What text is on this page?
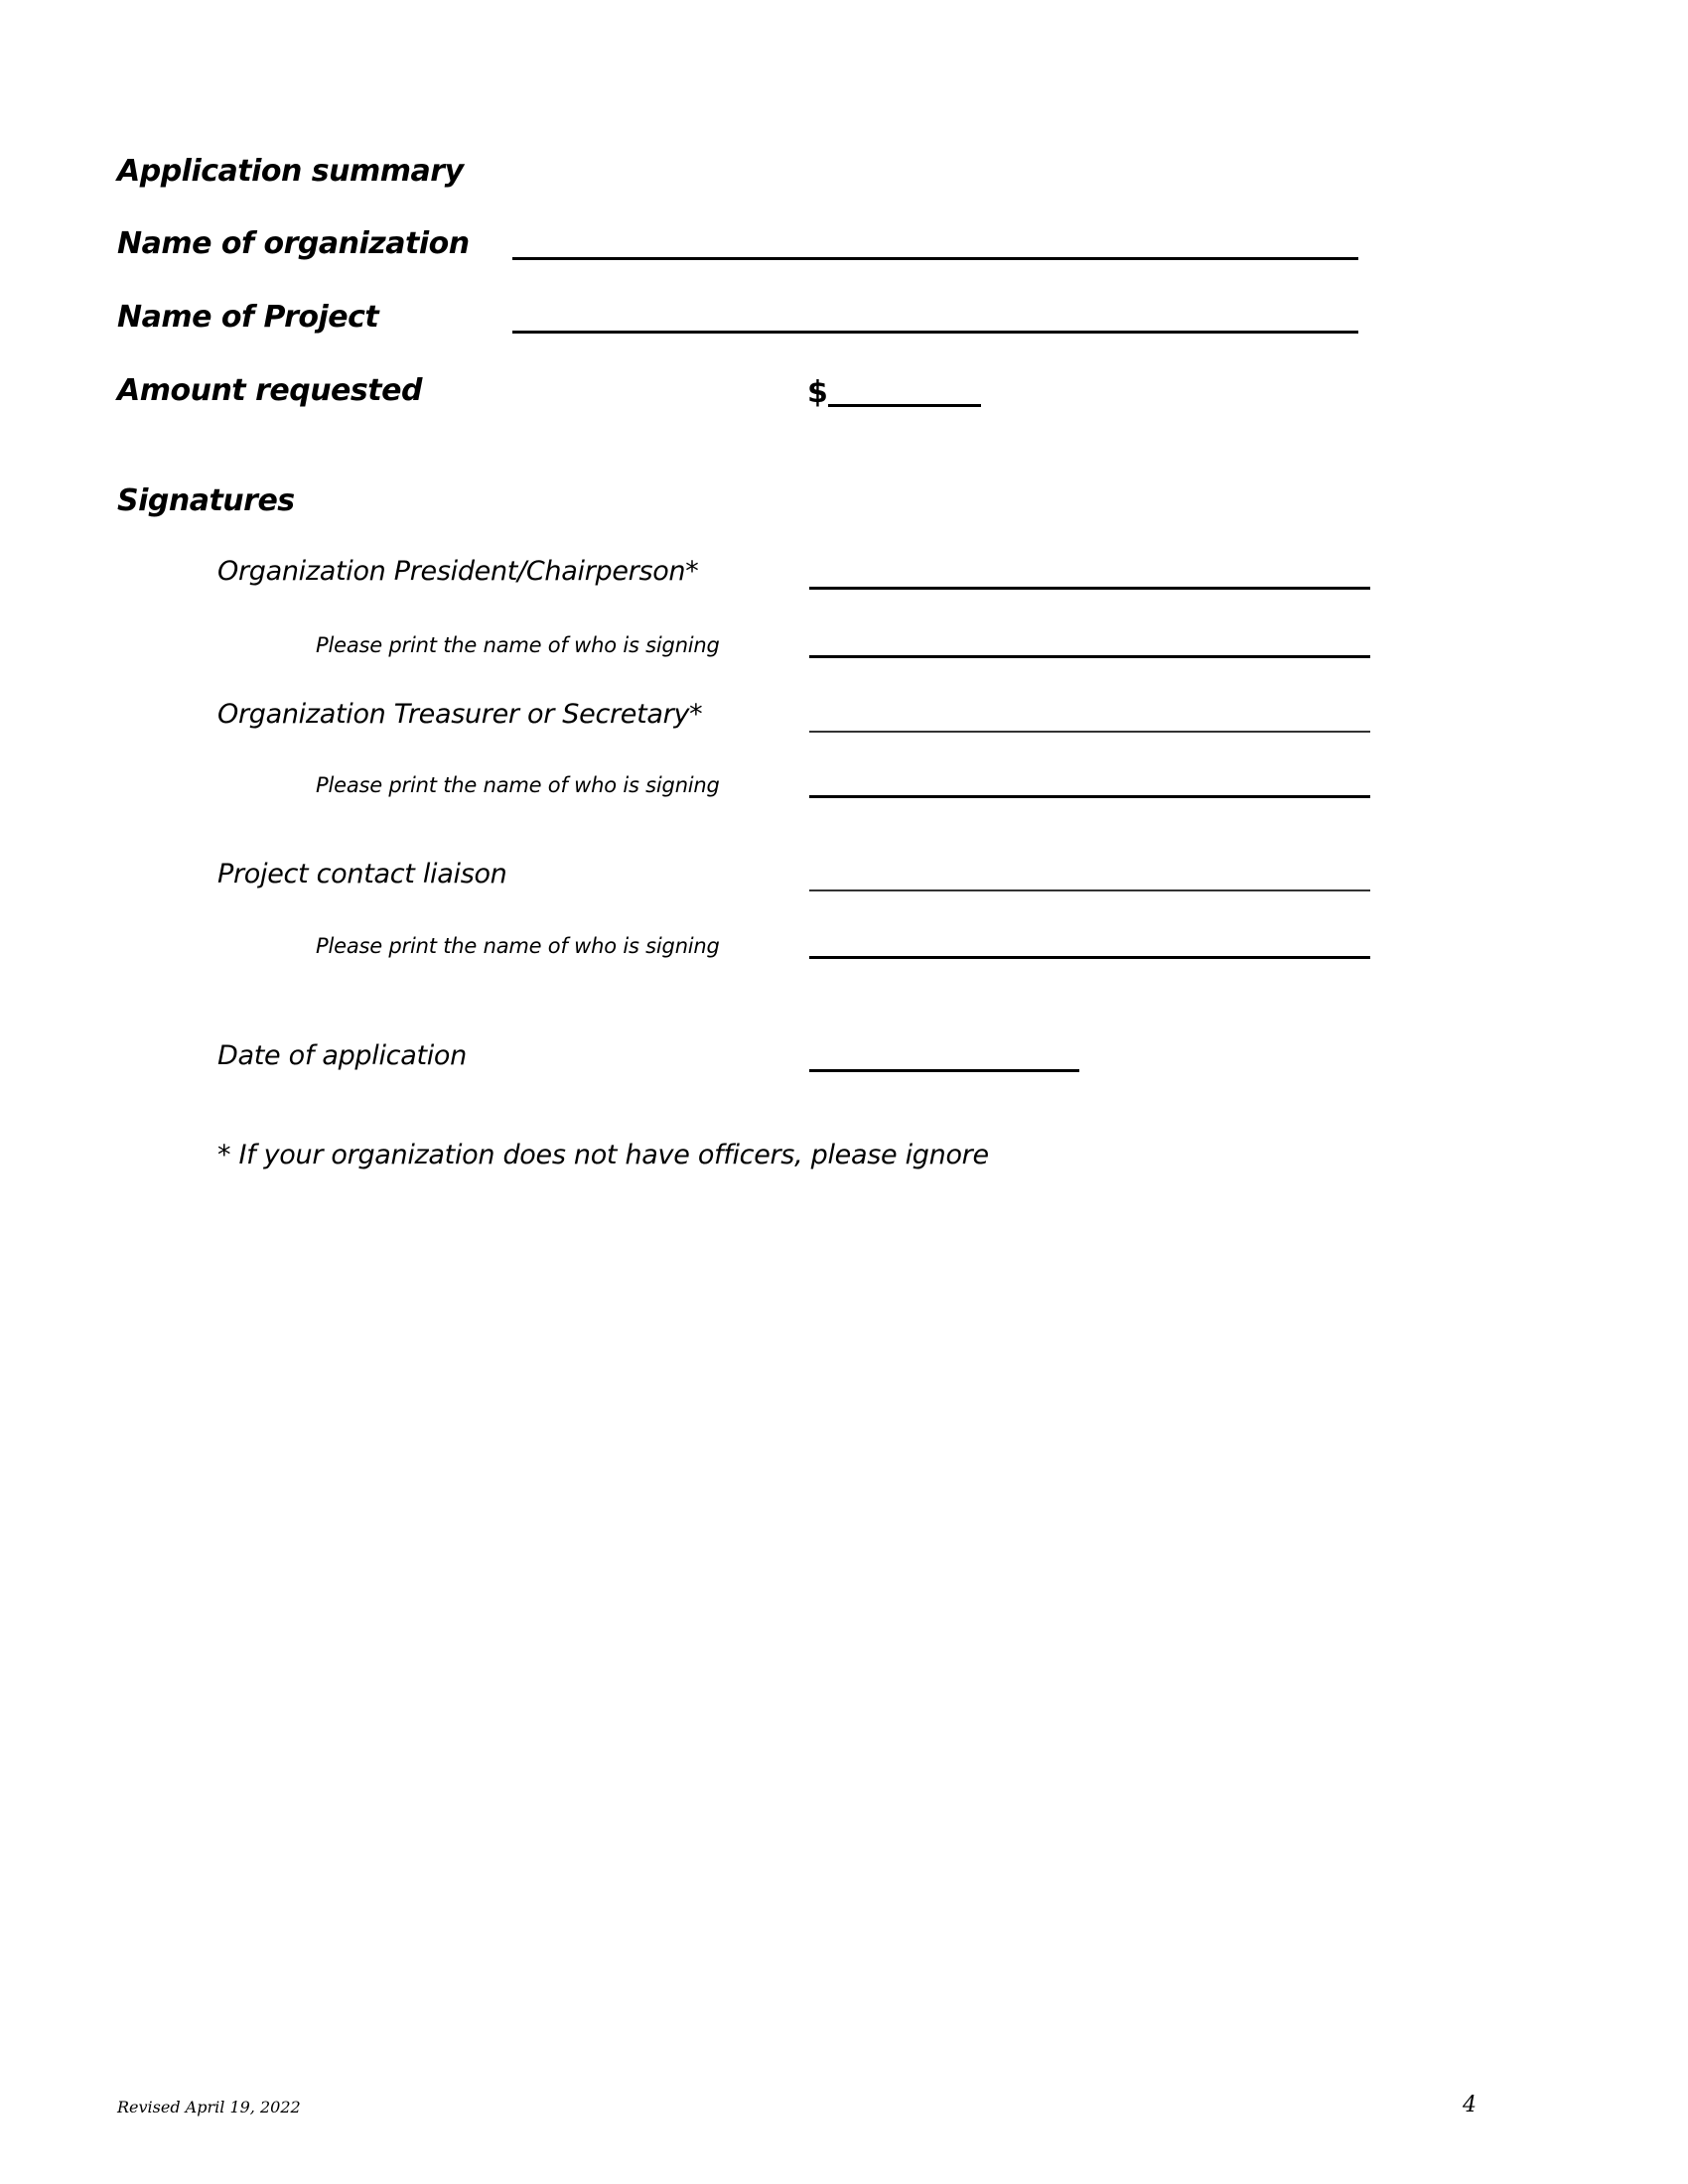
Application summary
Name of organization
Name of Project
Amount requested	$
Signatures
Organization President/Chairperson*
Please print the name of who is signing
Organization Treasurer or Secretary*
Please print the name of who is signing
Project contact liaison
Please print the name of who is signing
Date of application
* If your organization does not have officers, please ignore
Revised April 19, 2022	4
